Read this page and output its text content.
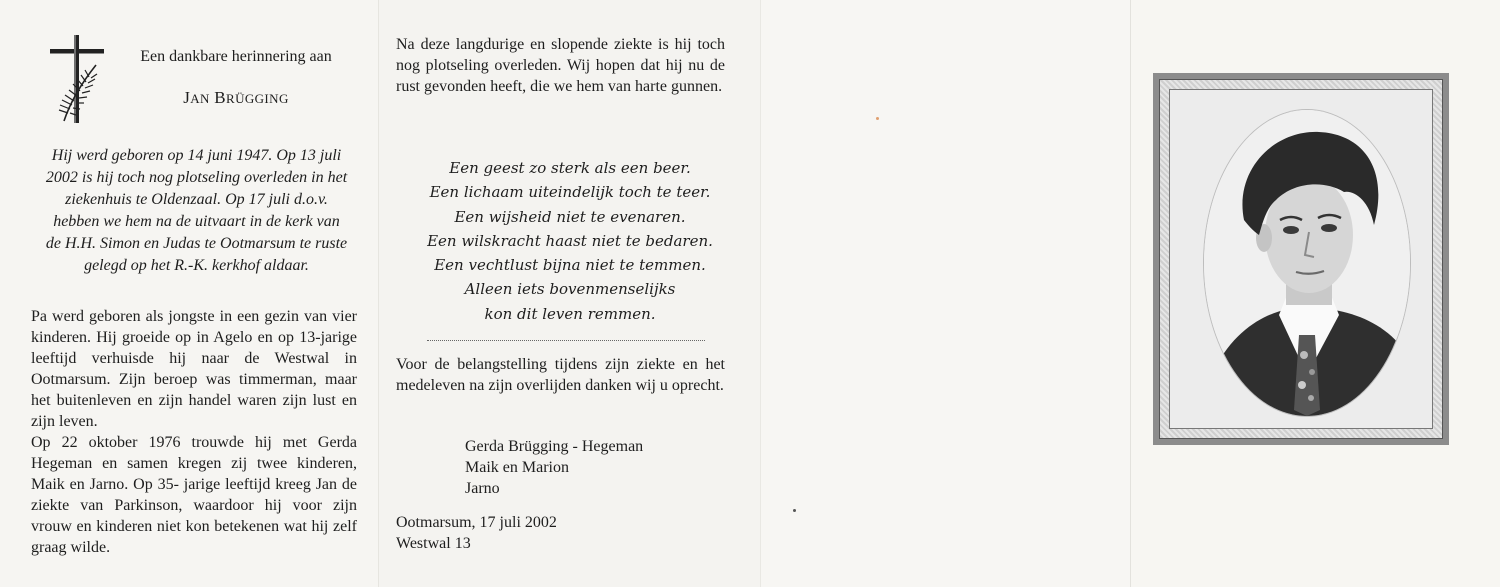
Een dankbare herinnering aan
JAN BRÜGGING
Hij werd geboren op 14 juni 1947. Op 13 juli
2002 is hij toch nog plotseling overleden in het
ziekenhuis te Oldenzaal. Op 17 juli d.o.v.
hebben we hem na de uitvaart in de kerk van
de H.H. Simon en Judas te Ootmarsum te ruste
gelegd op het R.-K. kerkhof aldaar.

Pa werd geboren als jongste in een gezin van vier kinderen. Hij groeide op in Agelo en op 13-jarige leeftijd verhuisde hij naar de Westwal in Ootmarsum. Zijn beroep was timmerman, maar het buitenleven en zijn handel waren zijn lust en zijn leven.

Op 22 oktober 1976 trouwde hij met Gerda Hegeman en samen kregen zij twee kinderen, Maik en Jarno. Op 35- jarige leeftijd kreeg Jan de ziekte van Parkinson, waardoor hij voor zijn vrouw en kinderen niet kon betekenen wat hij zelf graag wilde.

Na deze langdurige en slopende ziekte is hij toch nog plotseling overleden. Wij hopen dat hij nu de rust gevonden heeft, die we hem van harte gunnen.
Een geest zo sterk als een beer.
Een lichaam uiteindelijk toch te teer.
Een wijsheid niet te evenaren.
Een wilskracht haast niet te bedaren.
Een vechtlust bijna niet te temmen.
Alleen iets bovenmenselijks
kon dit leven remmen.
Voor de belangstelling tijdens zijn ziekte en het medeleven na zijn overlijden danken wij u oprecht.
Gerda Brügging - Hegeman
Maik en Marion
Jarno
Ootmarsum, 17 juli 2002
Westwal 13
